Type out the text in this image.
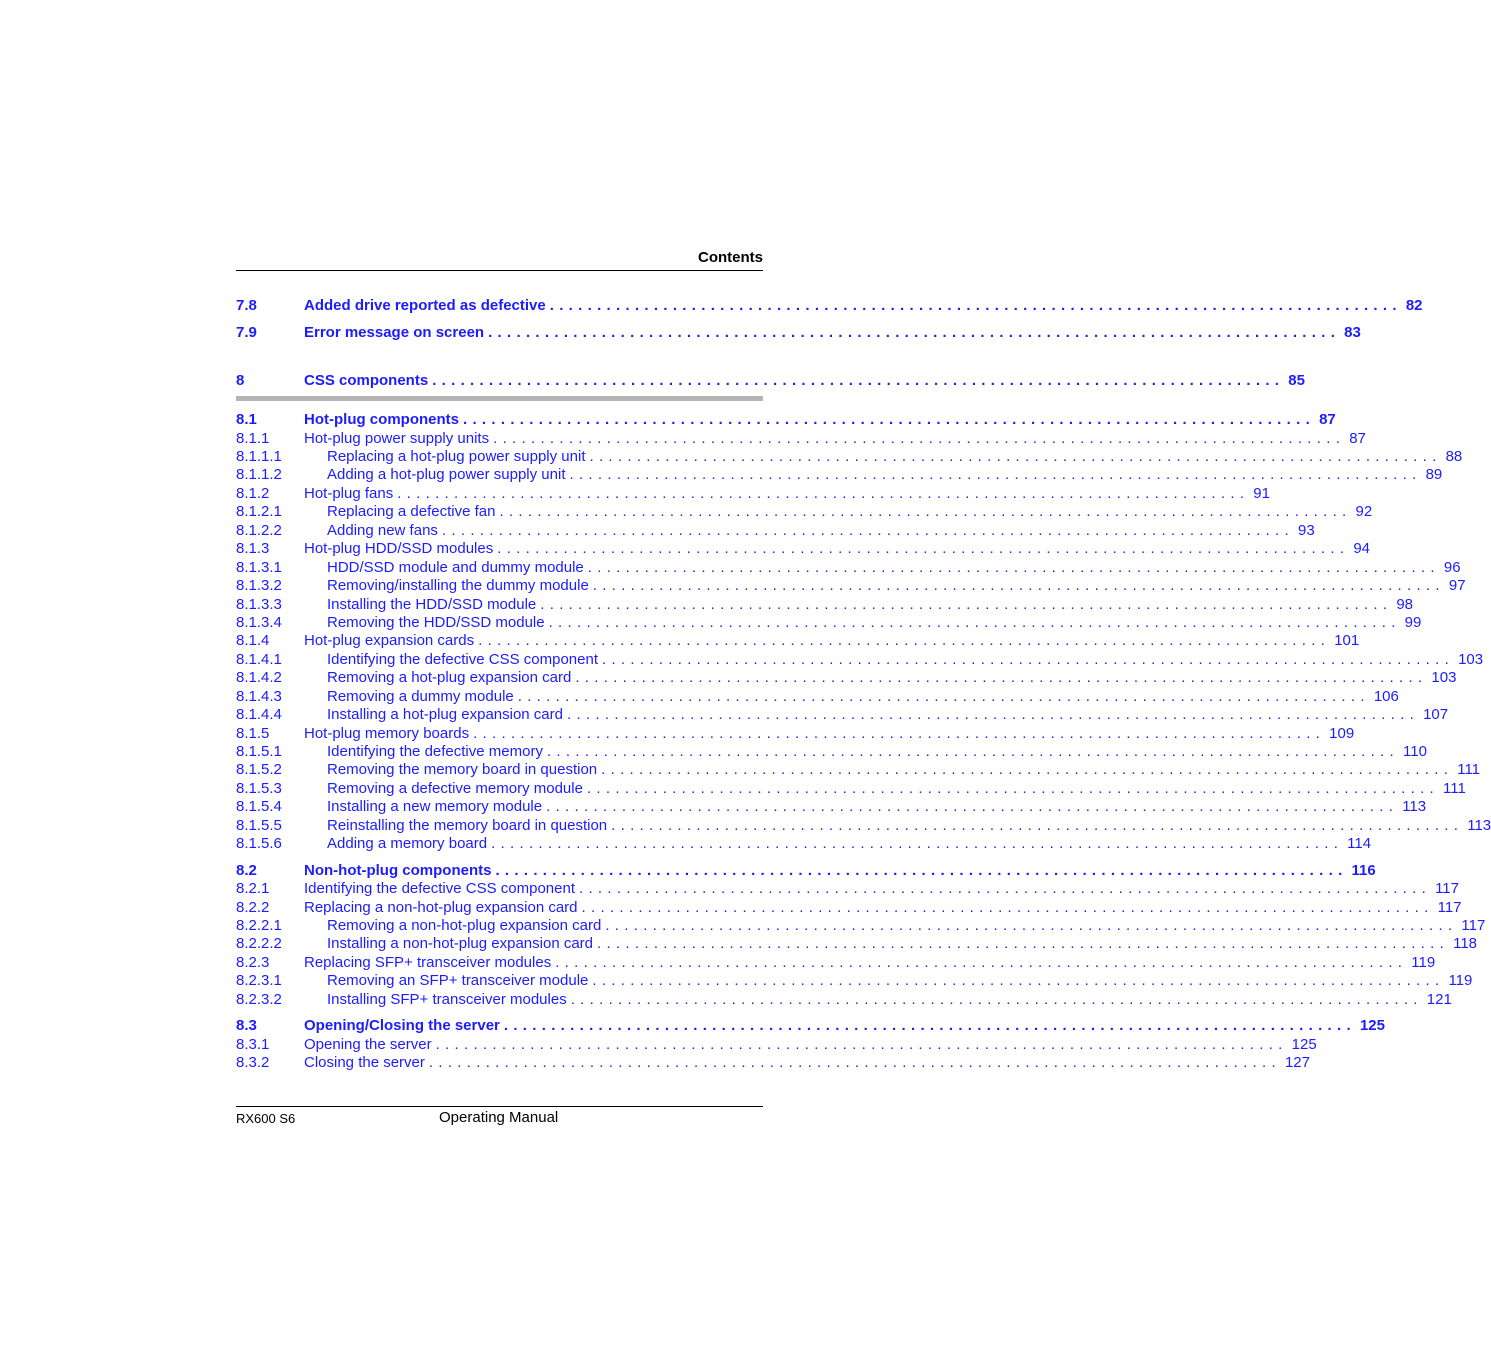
Contents
7.8	Added drive reported as defective .......................................................................................... 82
7.9	Error message on screen .......................................................................................... 83
8	CSS components .......................................................................................... 85
8.1	Hot-plug components .......................................................................................... 87
8.1.1 Hot-plug power supply units .......................................................................................... 87
8.1.1.1	Replacing a hot-plug power supply unit .......................................................................................... 88
8.1.1.2	Adding a hot-plug power supply unit .......................................................................................... 89
8.1.2 Hot-plug fans .......................................................................................... 91
8.1.2.1	Replacing a defective fan .......................................................................................... 92
8.1.2.2	Adding new fans .......................................................................................... 93
8.1.3 Hot-plug HDD/SSD modules .......................................................................................... 94
8.1.3.1	HDD/SSD module and dummy module .......................................................................................... 96
8.1.3.2	Removing/installing the dummy module .......................................................................................... 97
8.1.3.3	Installing the HDD/SSD module .......................................................................................... 98
8.1.3.4	Removing the HDD/SSD module .......................................................................................... 99
8.1.4 Hot-plug expansion cards .......................................................................................... 101
8.1.4.1	Identifying the defective CSS component .......................................................................................... 103
8.1.4.2	Removing a hot-plug expansion card .......................................................................................... 103
8.1.4.3	Removing a dummy module .......................................................................................... 106
8.1.4.4	Installing a hot-plug expansion card .......................................................................................... 107
8.1.5 Hot-plug memory boards .......................................................................................... 109
8.1.5.1	Identifying the defective memory .......................................................................................... 110
8.1.5.2	Removing the memory board in question .......................................................................................... 111
8.1.5.3	Removing a defective memory module .......................................................................................... 111
8.1.5.4	Installing a new memory module .......................................................................................... 113
8.1.5.5	Reinstalling the memory board in question .......................................................................................... 113
8.1.5.6	Adding a memory board .......................................................................................... 114
8.2	Non-hot-plug components .......................................................................................... 116
8.2.1 Identifying the defective CSS component .......................................................................................... 117
8.2.2 Replacing a non-hot-plug expansion card .......................................................................................... 117
8.2.2.1	Removing a non-hot-plug expansion card .......................................................................................... 117
8.2.2.2	Installing a non-hot-plug expansion card .......................................................................................... 118
8.2.3 Replacing SFP+ transceiver modules .......................................................................................... 119
8.2.3.1	Removing an SFP+ transceiver module .......................................................................................... 119
8.2.3.2	Installing SFP+ transceiver modules .......................................................................................... 121
8.3	Opening/Closing the server .......................................................................................... 125
8.3.1 Opening the server .......................................................................................... 125
8.3.2 Closing the server .......................................................................................... 127
RX600 S6	Operating Manual
